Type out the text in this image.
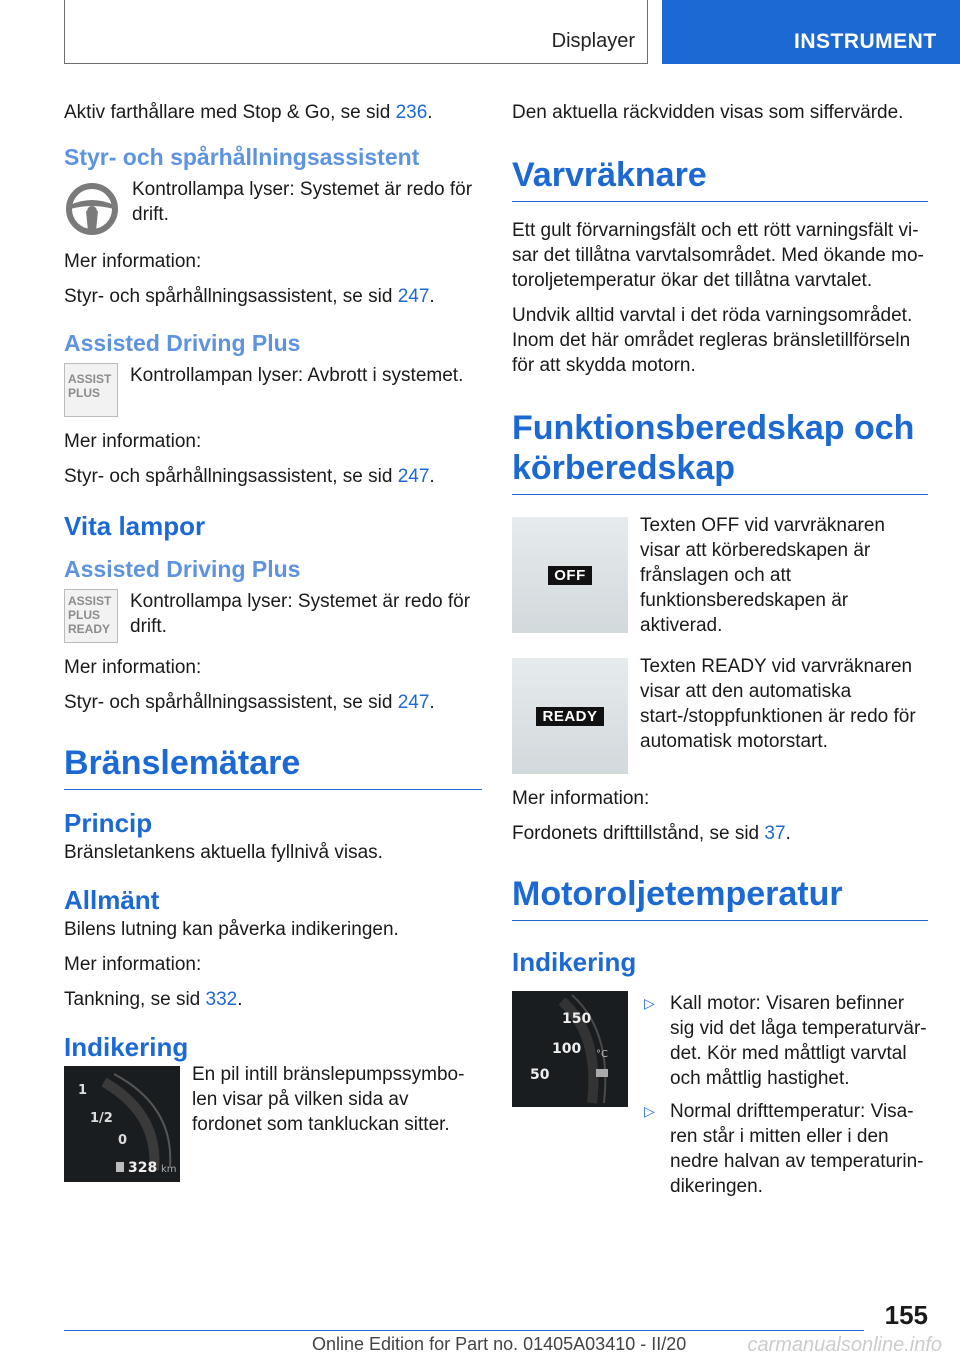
Displayer	INSTRUMENT

Aktiv farthållare med Stop & Go, se sid 236.

Styr- och spårhållningsassistent
Kontrollampa lyser: Systemet är redo för drift.

Mer information:

Styr- och spårhållningsassistent, se sid 247.

Assisted Driving Plus
ASSIST
PLUS
Kontrollampan lyser: Avbrott i systemet.

Mer information:

Styr- och spårhållningsassistent, se sid 247.

Vita lampor
Assisted Driving Plus
ASSIST
PLUS
READY
Kontrollampa lyser: Systemet är redo för drift.

Mer information:

Styr- och spårhållningsassistent, se sid 247.

Bränslemätare
Princip

Bränsletankens aktuella fyllnivå visas.

Allmänt

Bilens lutning kan påverka indikeringen.

Mer information:

Tankning, se sid 332.

Indikering
1
1/2
0
328 km
En pil intill bränslepumpssymbolen visar på vilken sida av fordonet som tankluckan sitter.

Den aktuella räckvidden visas som siffervärde.

Varvräknare

Ett gult förvarningsfält och ett rött varningsfält visar det tillåtna varvtalsområdet. Med ökande motoroljetemperatur ökar det tillåtna varvtalet.

Undvik alltid varvtal i det röda varningsområdet. Inom det här området regleras bränsletillförseln för att skydda motorn.

Funktionsberedskap och körberedskap
OFF
Texten OFF vid varvräknaren visar att körberedskapen är frånslagen och att funktionsberedskapen är aktiverad.
READY
Texten READY vid varvräknaren visar att den automatiska start-/stoppfunktionen är redo för automatisk motorstart.

Mer information:

Fordonets drifttillstånd, se sid 37.

Motoroljetemperatur
Indikering
150
100
50
°C
▷ Kall motor: Visaren befinner sig vid det låga temperaturvärdet. Kör med måttligt varvtal och måttlig hastighet.
▷ Normal drifttemperatur: Visaren står i mitten eller i den nedre halvan av temperaturindikeringen.
155
Online Edition for Part no. 01405A03410 - II/20	carmanualsonline.info
